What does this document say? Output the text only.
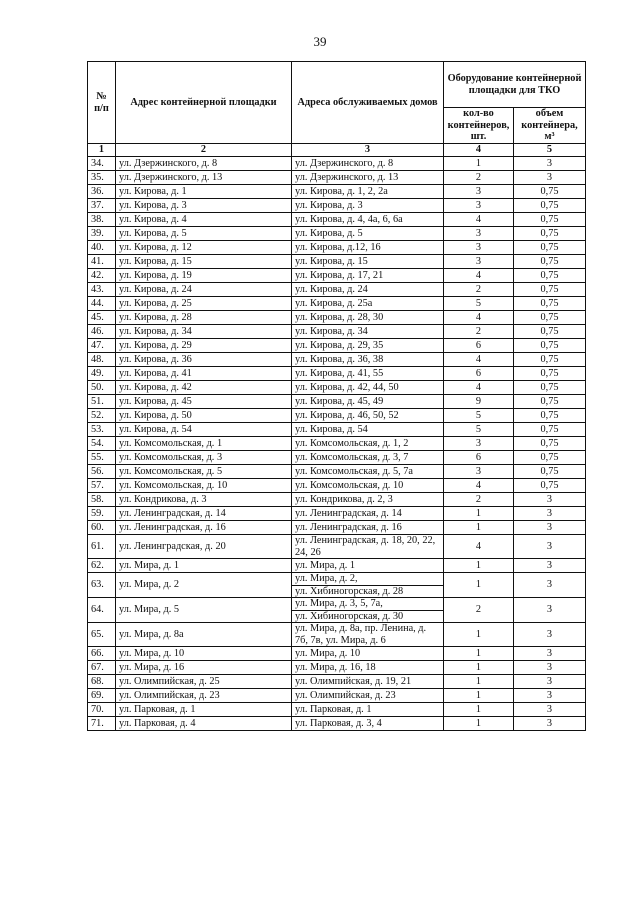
39
№ п/п	Адрес контейнерной площадки	Адреса обслуживаемых домов	Оборудование контейнерной площадки для ТКО	
			кол-во контейнеров, шт.	объем контейнера, м³
1	2	3	4	5
34.	ул. Дзержинского, д. 8	ул. Дзержинского, д. 8	1	3
35.	ул. Дзержинского, д. 13	ул. Дзержинского, д. 13	2	3
36.	ул. Кирова, д. 1	ул. Кирова, д. 1, 2, 2а	3	0,75
37.	ул. Кирова, д. 3	ул. Кирова, д. 3	3	0,75
38.	ул. Кирова, д. 4	ул. Кирова, д. 4, 4а, 6, 6а	4	0,75
39.	ул. Кирова, д. 5	ул. Кирова, д. 5	3	0,75
40.	ул. Кирова, д. 12	ул. Кирова, д.12, 16	3	0,75
41.	ул. Кирова, д. 15	ул. Кирова, д. 15	3	0,75
42.	ул. Кирова, д. 19	ул. Кирова, д. 17, 21	4	0,75
43.	ул. Кирова, д. 24	ул. Кирова, д. 24	2	0,75
44.	ул. Кирова, д. 25	ул. Кирова, д. 25а	5	0,75
45.	ул. Кирова, д. 28	ул. Кирова, д. 28, 30	4	0,75
46.	ул. Кирова, д. 34	ул. Кирова, д. 34	2	0,75
47.	ул. Кирова, д. 29	ул. Кирова, д. 29, 35	6	0,75
48.	ул. Кирова, д. 36	ул. Кирова, д. 36, 38	4	0,75
49.	ул. Кирова, д. 41	ул. Кирова, д. 41, 55	6	0,75
50.	ул. Кирова, д. 42	ул. Кирова, д. 42, 44, 50	4	0,75
51.	ул. Кирова, д. 45	ул. Кирова, д. 45, 49	9	0,75
52.	ул. Кирова, д. 50	ул. Кирова, д. 46, 50, 52	5	0,75
53.	ул. Кирова, д. 54	ул. Кирова, д. 54	5	0,75
54.	ул. Комсомольская, д. 1	ул. Комсомольская, д. 1, 2	3	0,75
55.	ул. Комсомольская, д. 3	ул. Комсомольская, д. 3, 7	6	0,75
56.	ул. Комсомольская, д. 5	ул. Комсомольская, д. 5, 7а	3	0,75
57.	ул. Комсомольская, д. 10	ул. Комсомольская, д. 10	4	0,75
58.	ул. Кондрикова, д. 3	ул. Кондрикова, д. 2, 3	2	3
59.	ул. Ленинградская, д. 14	ул. Ленинградская, д. 14	1	3
60.	ул. Ленинградская, д. 16	ул. Ленинградская, д. 16	1	3
61.	ул. Ленинградская, д. 20	ул. Ленинградская, д. 18, 20, 22, 24, 26	4	3
62.	ул. Мира, д. 1	ул. Мира, д. 1	1	3
63.	ул. Мира, д. 2	ул. Мира, д. 2,
ул. Хибиногорская, д. 28	1	3
64.	ул. Мира, д. 5	ул. Мира, д. 3, 5, 7а,
ул. Хибиногорская, д. 30	2	3
65.	ул. Мира, д. 8а	ул. Мира, д. 8а, пр. Ленина, д. 7б, 7в, ул. Мира, д. 6	1	3
66.	ул. Мира, д. 10	ул. Мира, д. 10	1	3
67.	ул. Мира, д. 16	ул. Мира, д. 16, 18	1	3
68.	ул. Олимпийская, д. 25	ул. Олимпийская, д. 19, 21	1	3
69.	ул. Олимпийская, д. 23	ул. Олимпийская, д. 23	1	3
70.	ул. Парковая, д. 1	ул. Парковая, д. 1	1	3
71.	ул. Парковая, д. 4	ул. Парковая, д. 3, 4	1	3
